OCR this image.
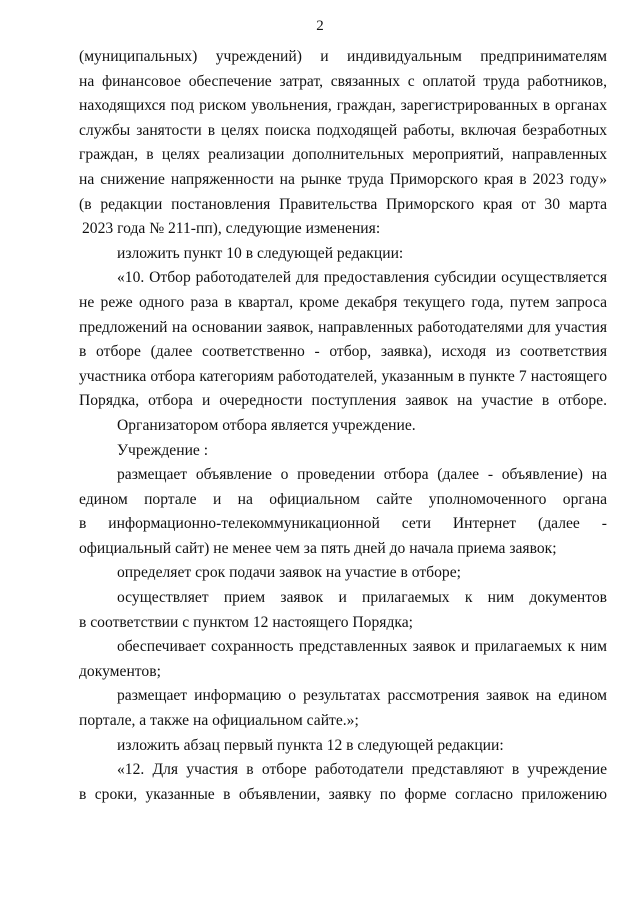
2
(муниципальных) учреждений) и индивидуальным предпринимателям
на финансовое обеспечение затрат, связанных с оплатой труда работников,
находящихся под риском увольнения, граждан, зарегистрированных в органах
службы занятости в целях поиска подходящей работы, включая безработных
граждан, в целях реализации дополнительных мероприятий, направленных
на снижение напряженности на рынке труда Приморского края в 2023 году»
(в редакции постановления Правительства Приморского края от 30 марта
2023 года № 211-пп), следующие изменения:
изложить пункт 10 в следующей редакции:
«10. Отбор работодателей для предоставления субсидии осуществляется
не реже одного раза в квартал, кроме декабря текущего года, путем запроса
предложений на основании заявок, направленных работодателями для участия
в отборе (далее соответственно - отбор, заявка), исходя из соответствия
участника отбора категориям работодателей, указанным в пункте 7 настоящего
Порядка, отбора и очередности поступления заявок на участие в отборе.
Организатором отбора является учреждение.
Учреждение :
размещает объявление о проведении отбора (далее - объявление) на
едином портале и на официальном сайте уполномоченного органа
в информационно-телекоммуникационной сети Интернет (далее -
официальный сайт) не менее чем за пять дней до начала приема заявок;
определяет срок подачи заявок на участие в отборе;
осуществляет прием заявок и прилагаемых к ним документов
в соответствии с пунктом 12 настоящего Порядка;
обеспечивает сохранность представленных заявок и прилагаемых к ним
документов;
размещает информацию о результатах рассмотрения заявок на едином
портале, а также на официальном сайте.»;
изложить абзац первый пункта 12 в следующей редакции:
«12. Для участия в отборе работодатели представляют в учреждение
в сроки, указанные в объявлении, заявку по форме согласно приложению
